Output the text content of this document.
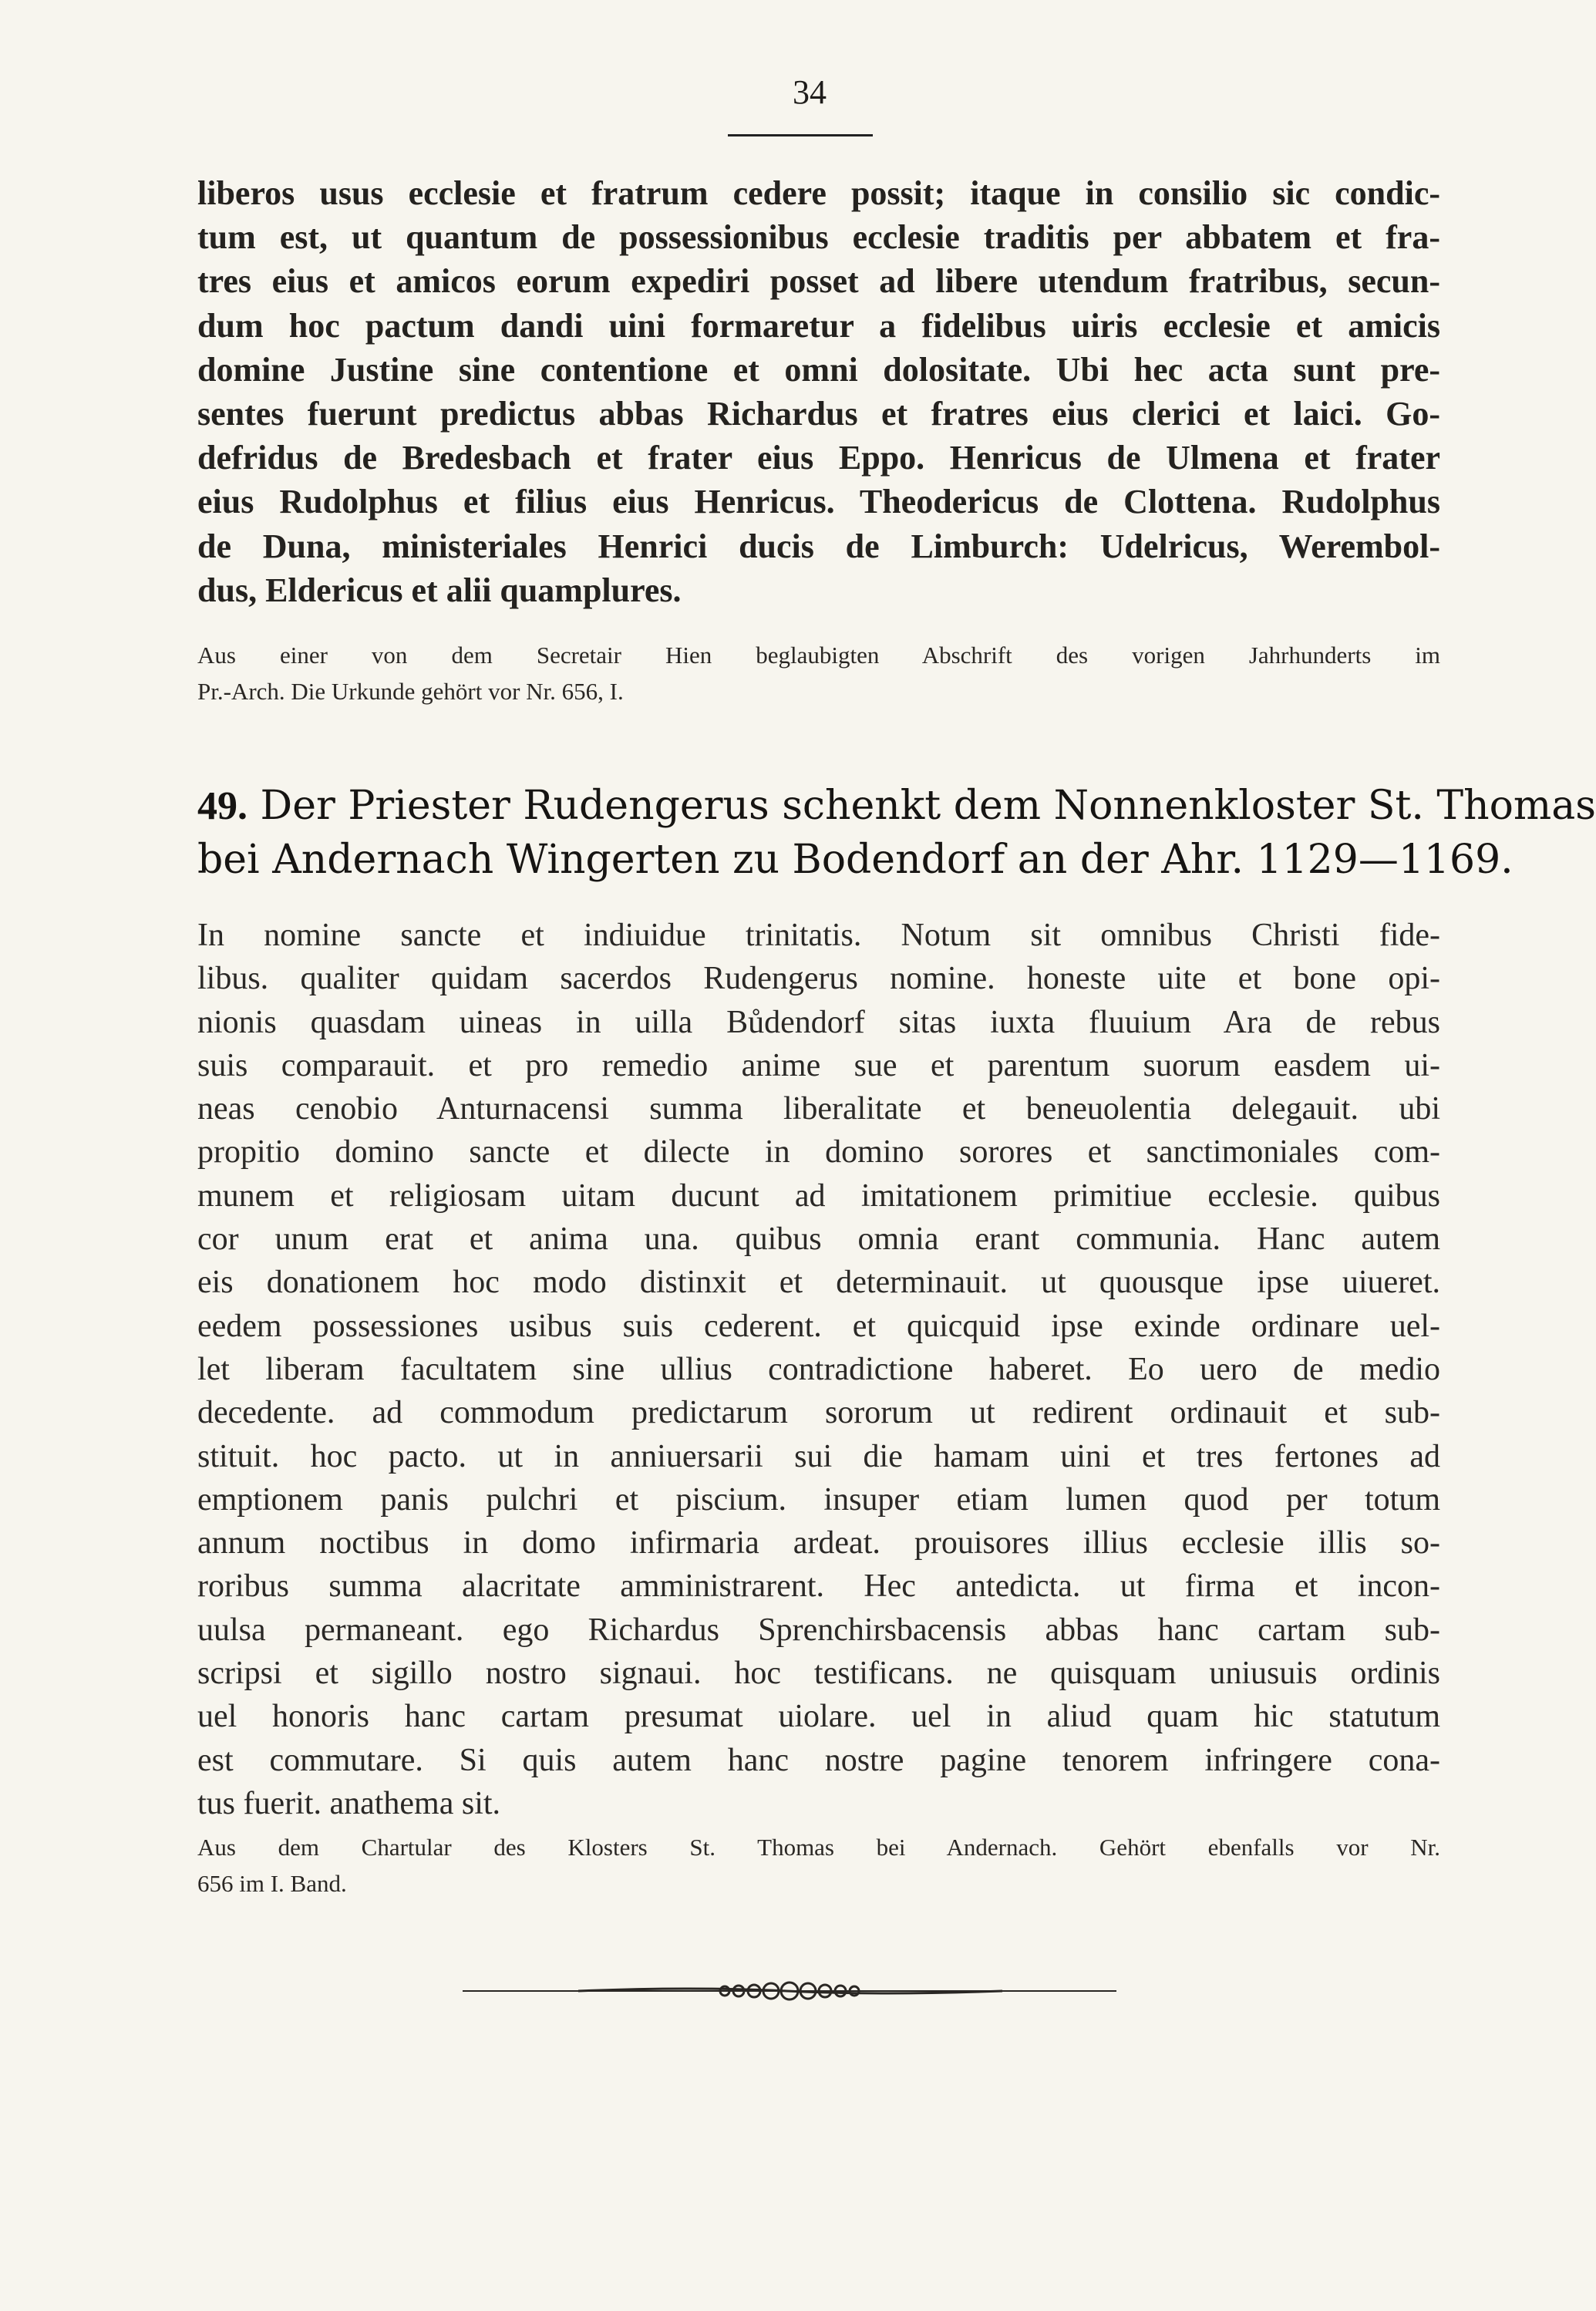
34
liberos usus ecclesie et fratrum cedere possit; itaque in consilio sic condic-
tum est, ut quantum de possessionibus ecclesie traditis per abbatem et fra-
tres eius et amicos eorum expediri posset ad libere utendum fratribus, secun-
dum hoc pactum dandi uini formaretur a fidelibus uiris ecclesie et amicis
domine Justine sine contentione et omni dolositate. Ubi hec acta sunt pre-
sentes fuerunt predictus abbas Richardus et fratres eius clerici et laici. Go-
defridus de Bredesbach et frater eius Eppo. Henricus de Ulmena et frater
eius Rudolphus et filius eius Henricus. Theodericus de Clottena. Rudolphus
de Duna, ministeriales Henrici ducis de Limburch: Udelricus, Werembol-
dus, Eldericus et alii quamplures.
Aus einer von dem Secretair Hien beglaubigten Abschrift des vorigen Jahrhunderts im
Pr.-Arch. Die Urkunde gehört vor Nr. 656, I.
49. Der Priester Rudengerus schenkt dem Nonnenkloster St. Thomas
bei Andernach Wingerten zu Bodendorf an der Ahr. 1129—1169.
In nomine sancte et indiuidue trinitatis. Notum sit omnibus Christi fide-
libus. qualiter quidam sacerdos Rudengerus nomine. honeste uite et bone opi-
nionis quasdam uineas in uilla Bůdendorf sitas iuxta fluuium Ara de rebus
suis comparauit. et pro remedio anime sue et parentum suorum easdem ui-
neas cenobio Anturnacensi summa liberalitate et beneuolentia delegauit. ubi
propitio domino sancte et dilecte in domino sorores et sanctimoniales com-
munem et religiosam uitam ducunt ad imitationem primitiue ecclesie. quibus
cor unum erat et anima una. quibus omnia erant communia. Hanc autem
eis donationem hoc modo distinxit et determinauit. ut quousque ipse uiueret.
eedem possessiones usibus suis cederent. et quicquid ipse exinde ordinare uel-
let liberam facultatem sine ullius contradictione haberet. Eo uero de medio
decedente. ad commodum predictarum sororum ut redirent ordinauit et sub-
stituit. hoc pacto. ut in anniuersarii sui die hamam uini et tres fertones ad
emptionem panis pulchri et piscium. insuper etiam lumen quod per totum
annum noctibus in domo infirmaria ardeat. prouisores illius ecclesie illis so-
roribus summa alacritate amministrarent. Hec antedicta. ut firma et incon-
uulsa permaneant. ego Richardus Sprenchirsbacensis abbas hanc cartam sub-
scripsi et sigillo nostro signaui. hoc testificans. ne quisquam uniusuis ordinis
uel honoris hanc cartam presumat uiolare. uel in aliud quam hic statutum
est commutare. Si quis autem hanc nostre pagine tenorem infringere cona-
tus fuerit. anathema sit.
Aus dem Chartular des Klosters St. Thomas bei Andernach. Gehört ebenfalls vor Nr.
656 im I. Band.
